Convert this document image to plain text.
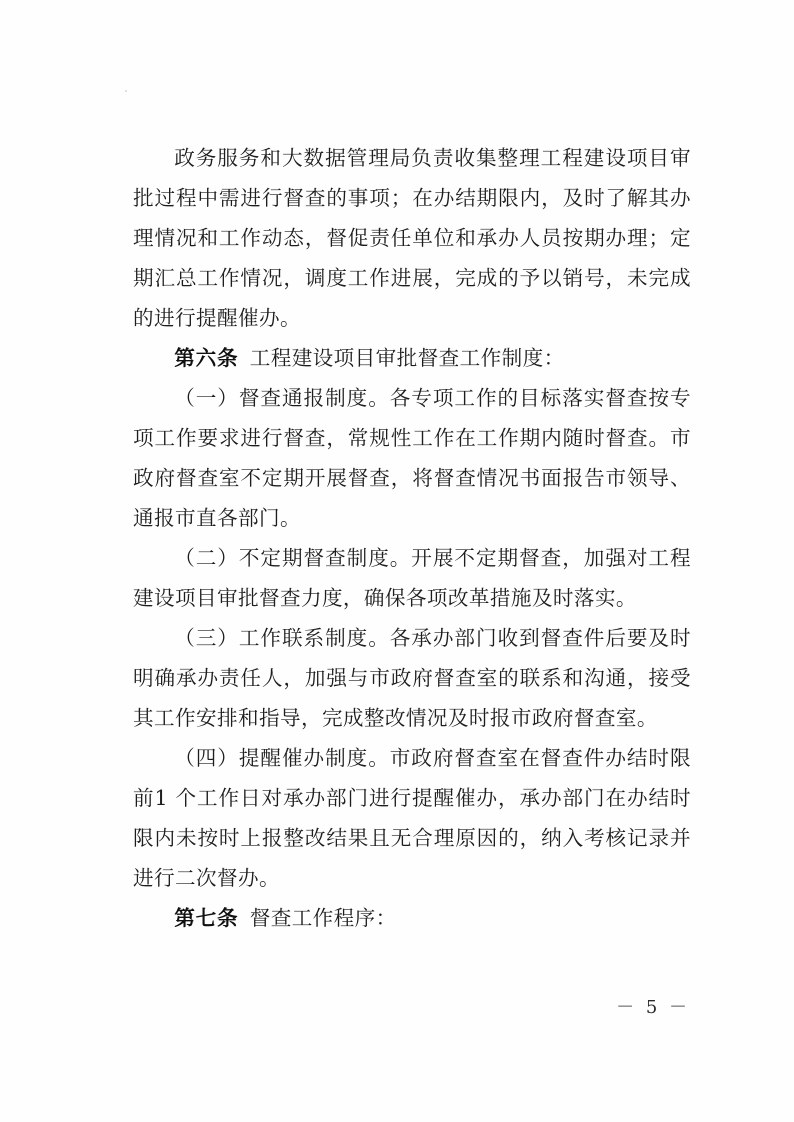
政务服务和大数据管理局负责收集整理工程建设项目审批过程中需进行督查的事项；在办结期限内，及时了解其办理情况和工作动态，督促责任单位和承办人员按期办理；定期汇总工作情况，调度工作进展，完成的予以销号，未完成的进行提醒催办。

第六条 工程建设项目审批督查工作制度：

（一）督查通报制度。各专项工作的目标落实督查按专项工作要求进行督查，常规性工作在工作期内随时督查。市政府督查室不定期开展督查，将督查情况书面报告市领导、通报市直各部门。

（二）不定期督查制度。开展不定期督查，加强对工程建设项目审批督查力度，确保各项改革措施及时落实。

（三）工作联系制度。各承办部门收到督查件后要及时明确承办责任人，加强与市政府督查室的联系和沟通，接受其工作安排和指导，完成整改情况及时报市政府督查室。

（四）提醒催办制度。市政府督查室在督查件办结时限前1 个工作日对承办部门进行提醒催办，承办部门在办结时限内未按时上报整改结果且无合理原因的，纳入考核记录并进行二次督办。

第七条 督查工作程序：

－ 5 －
